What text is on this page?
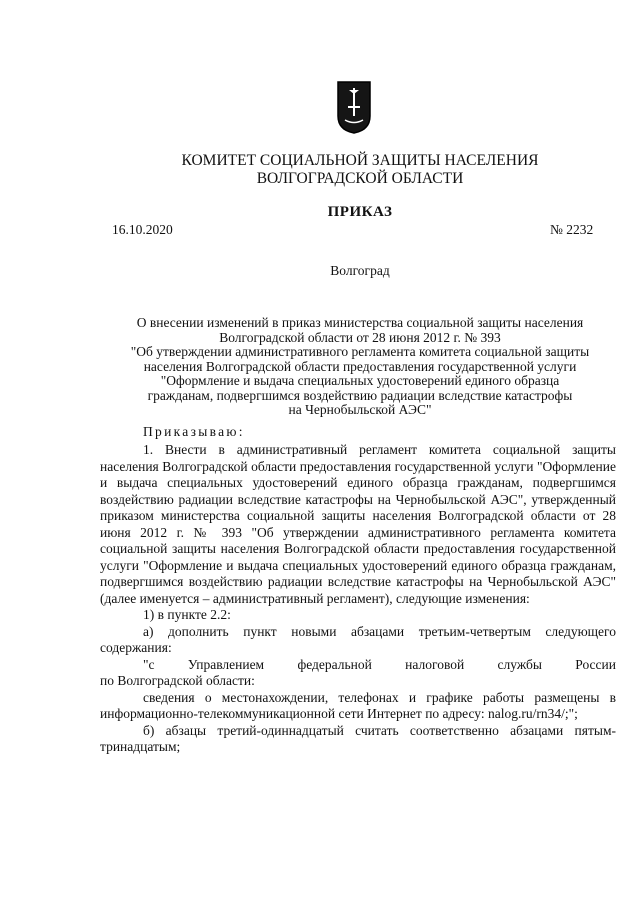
КОМИТЕТ СОЦИАЛЬНОЙ ЗАЩИТЫ НАСЕЛЕНИЯ
ВОЛГОГРАДСКОЙ ОБЛАСТИ
ПРИКАЗ
16.10.2020	№ 2232
Волгоград
О внесении изменений в приказ министерства социальной защиты населения
Волгоградской области от 28 июня 2012 г. № 393
"Об утверждении административного регламента комитета социальной защиты
населения Волгоградской области предоставления государственной услуги
"Оформление и выдача специальных удостоверений единого образца
гражданам, подвергшимся воздействию радиации вследствие катастрофы
на Чернобыльской АЭС"
Приказываю:

1. Внести в административный регламент комитета социальной защиты населения Волгоградской области предоставления государственной услуги "Оформление и выдача специальных удостоверений единого образца гражданам, подвергшимся воздействию радиации вследствие катастрофы на Чернобыльской АЭС", утвержденный приказом министерства социальной защиты населения Волгоградской области от 28 июня 2012 г. № 393 "Об утверждении административного регламента комитета социальной защиты населения Волгоградской области предоставления государственной услуги "Оформление и выдача специальных удостоверений единого образца гражданам, подвергшимся воздействию радиации вследствие катастрофы на Чернобыльской АЭС" (далее именуется – административный регламент), следующие изменения:

1) в пункте 2.2:

а) дополнить пункт новыми абзацами третьим-четвертым следующего содержания:

"с Управлением федеральной налоговой службы России

по Волгоградской области:

сведения о местонахождении, телефонах и графике работы размещены в информационно-телекоммуникационной сети Интернет по адресу: nalog.ru/rn34/;";

б) абзацы третий-одиннадцатый считать соответственно абзацами пятым-тринадцатым;
